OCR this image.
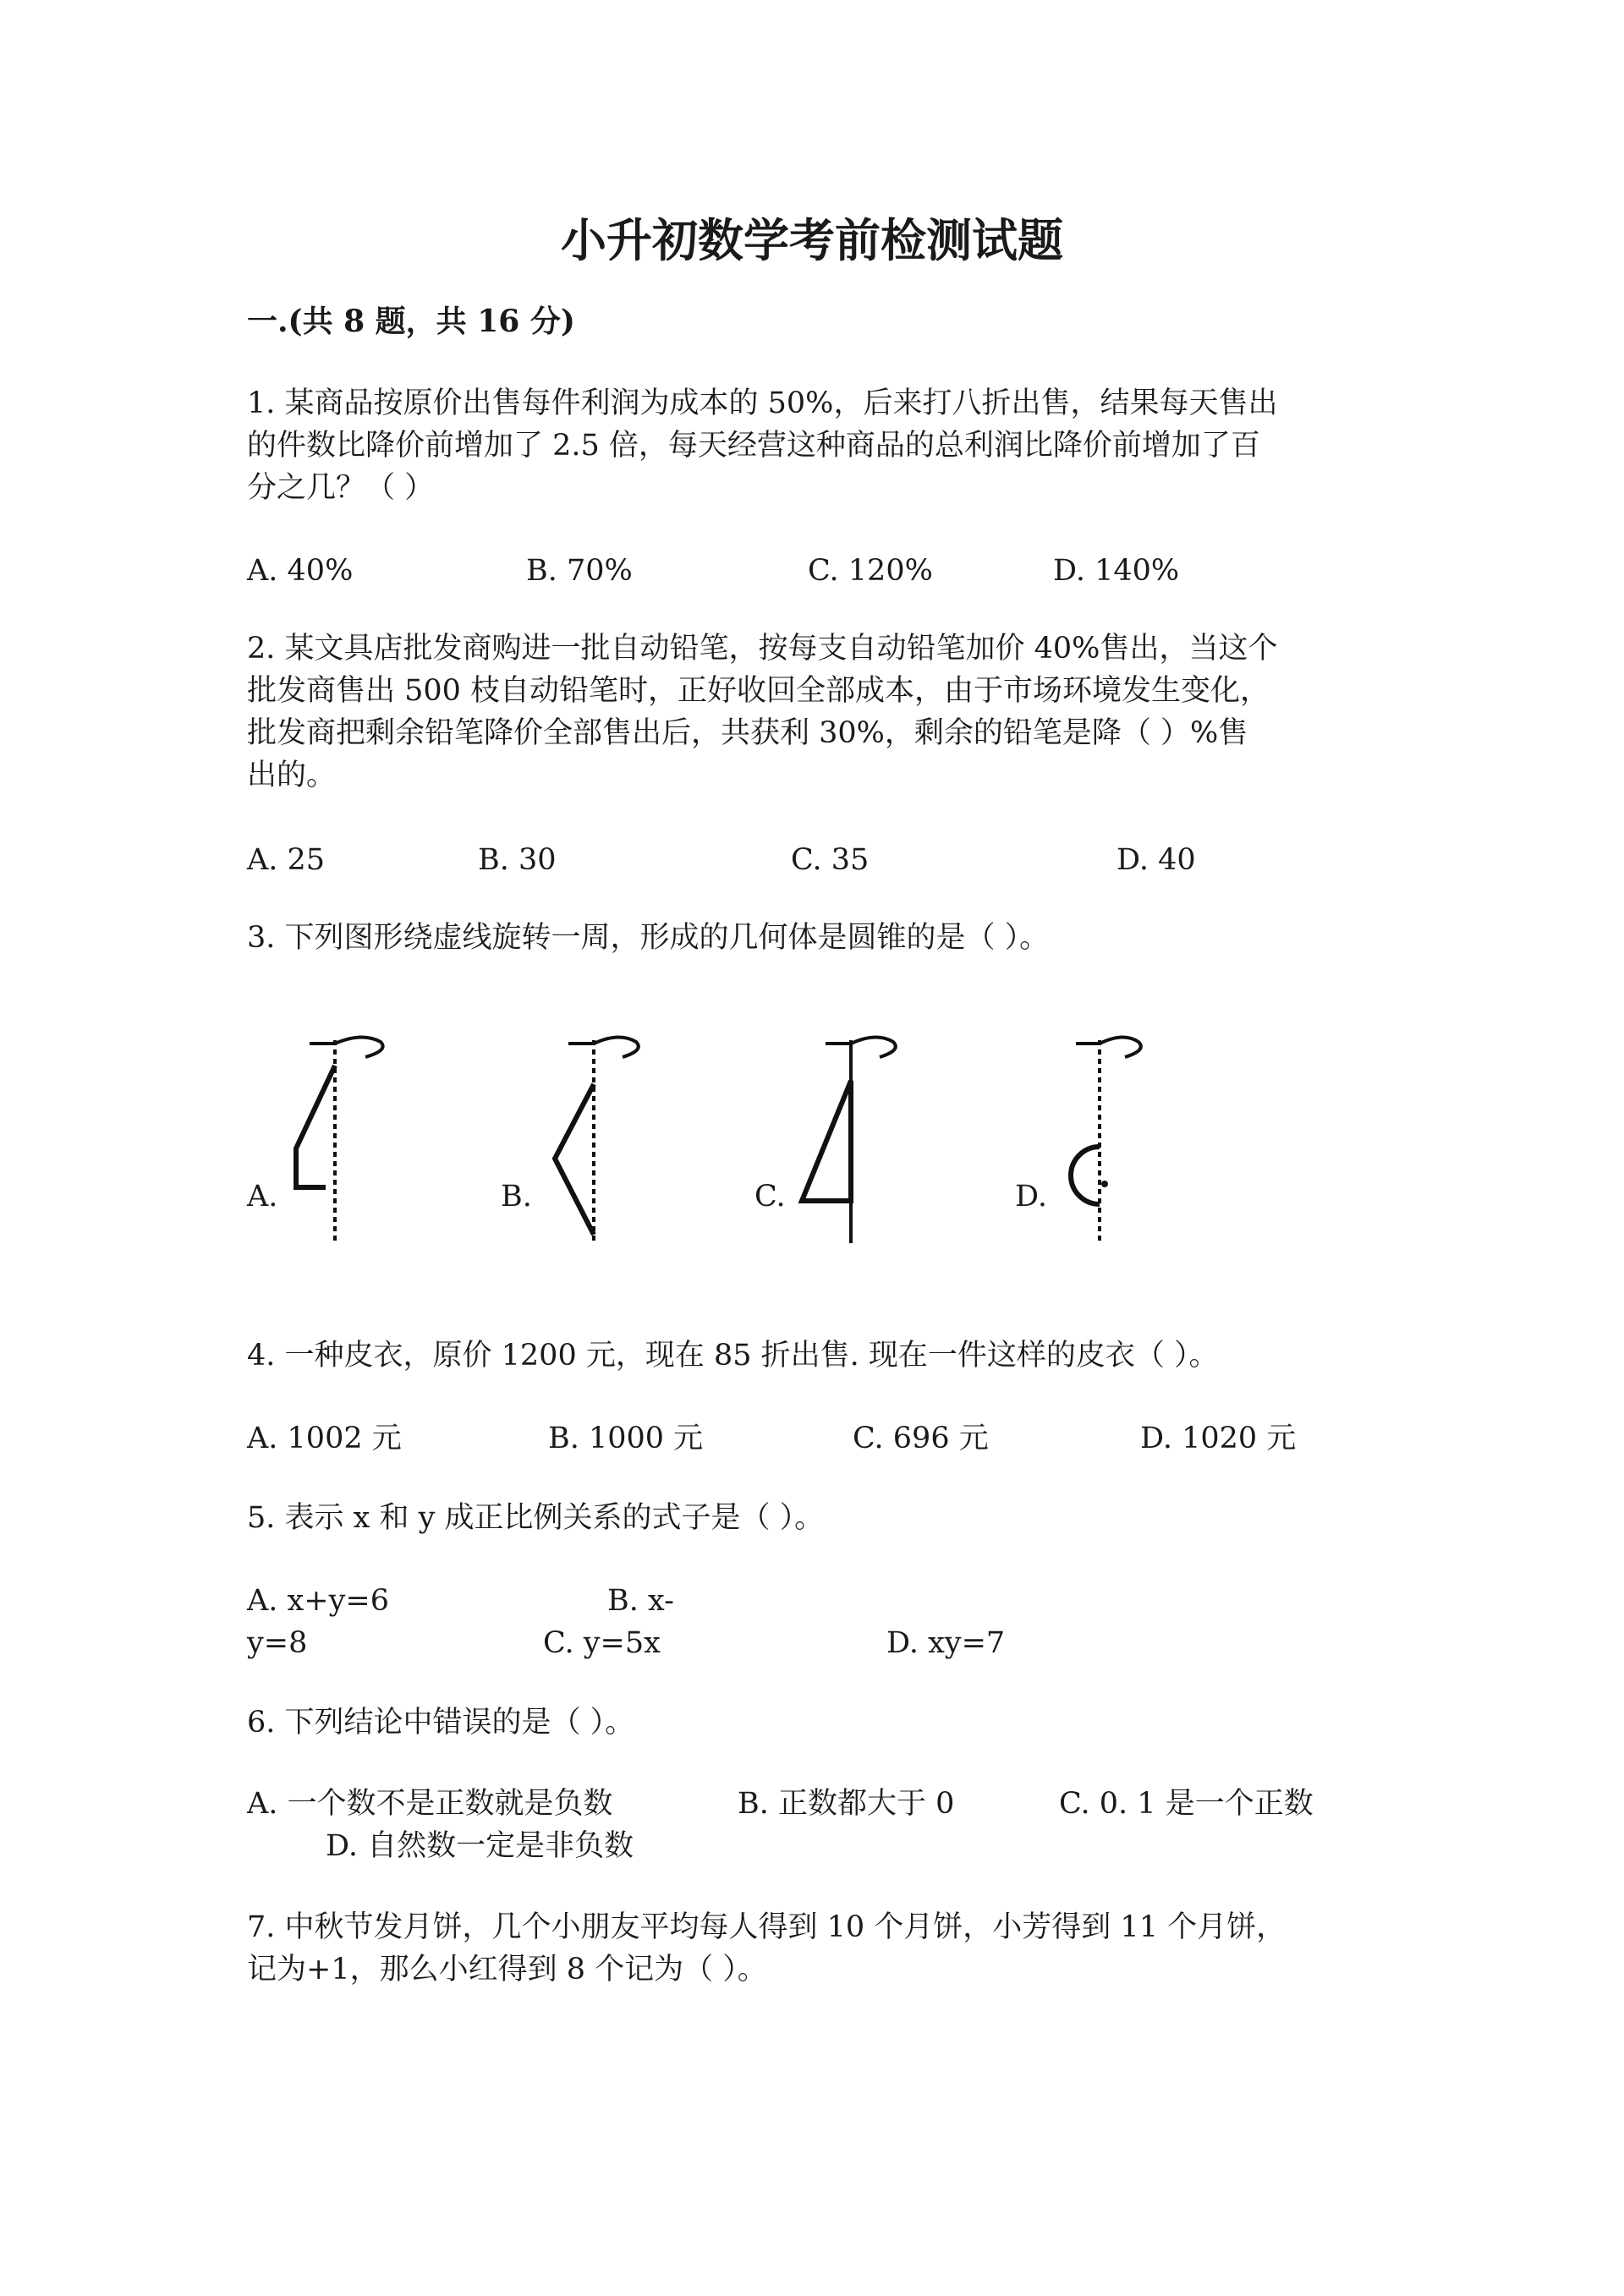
小升初数学考前检测试题
一.(共 8 题，共 16 分)
1. 某商品按原价出售每件利润为成本的 50%，后来打八折出售，结果每天售出
的件数比降价前增加了 2.5 倍，每天经营这种商品的总利润比降价前增加了百
分之几？（ ）
A. 40%	B. 70%	C. 120%	D. 140%
2. 某文具店批发商购进一批自动铅笔，按每支自动铅笔加价 40%售出，当这个
批发商售出 500 枝自动铅笔时，正好收回全部成本，由于市场环境发生变化，
批发商把剩余铅笔降价全部售出后，共获利 30%，剩余的铅笔是降（ ）%售
出的。
A. 25	B. 30	C. 35	D. 40
3. 下列图形绕虚线旋转一周，形成的几何体是圆锥的是（ ）。
A.	B.	C.	D.
4. 一种皮衣，原价 1200 元，现在 85 折出售. 现在一件这样的皮衣（ ）。
A. 1002 元	B. 1000 元	C. 696 元	D. 1020 元
5. 表示 x 和 y 成正比例关系的式子是（ ）。
A. x+y=6	B. x-
y=8	C. y=5x	D. xy=7
6. 下列结论中错误的是（ ）。
A. 一个数不是正数就是负数	B. 正数都大于 0	C. 0. 1 是一个正数
D. 自然数一定是非负数
7. 中秋节发月饼，几个小朋友平均每人得到 10 个月饼，小芳得到 11 个月饼，
记为+1，那么小红得到 8 个记为（ ）。
